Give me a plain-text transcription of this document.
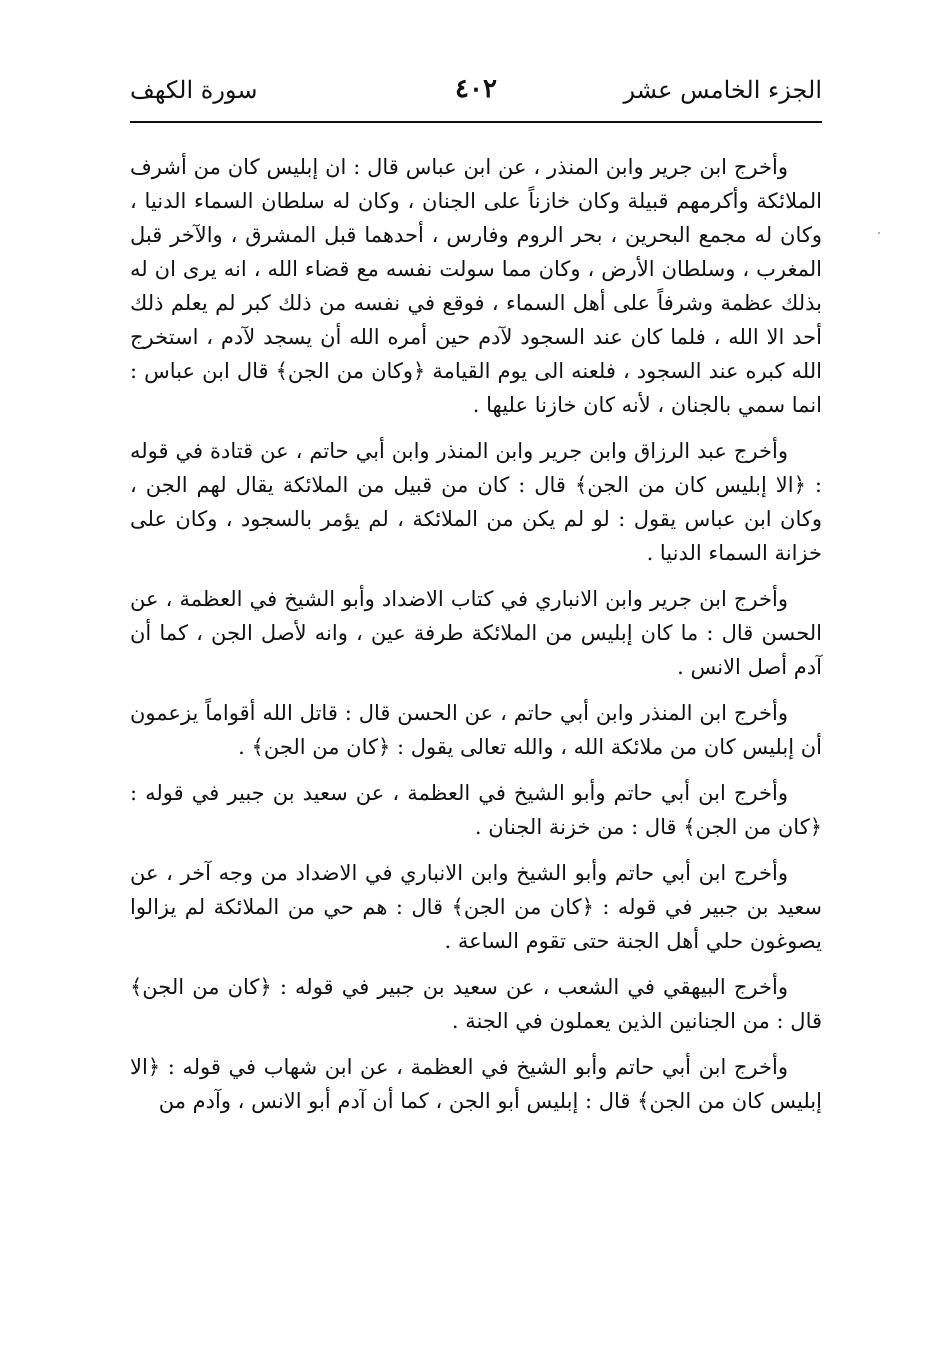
الجزء الخامس عشر
٤٠٢
سورة الكهف

وأخرج ابن جرير وابن المنذر ، عن ابن عباس قال : ان إبليس كان من أشرف الملائكة وأكرمهم قبيلة وكان خازناً على الجنان ، وكان له سلطان السماء الدنيا ، وكان له مجمع البحرين ، بحر الروم وفارس ، أحدهما قبل المشرق ، والآخر قبل المغرب ، وسلطان الأرض ، وكان مما سولت نفسه مع قضاء الله ، انه يرى ان له بذلك عظمة وشرفاً على أهل السماء ، فوقع في نفسه من ذلك كبر لم يعلم ذلك أحد الا الله ، فلما كان عند السجود لآدم حين أمره الله أن يسجد لآدم ، استخرج الله كبره عند السجود ، فلعنه الى يوم القيامة ﴿وكان من الجن﴾ قال ابن عباس : انما سمي بالجنان ، لأنه كان خازنا عليها .

وأخرج عبد الرزاق وابن جرير وابن المنذر وابن أبي حاتم ، عن قتادة في قوله : ﴿الا إبليس كان من الجن﴾ قال : كان من قبيل من الملائكة يقال لهم الجن ، وكان ابن عباس يقول : لو لم يكن من الملائكة ، لم يؤمر بالسجود ، وكان على خزانة السماء الدنيا .

وأخرج ابن جرير وابن الانباري في كتاب الاضداد وأبو الشيخ في العظمة ، عن الحسن قال : ما كان إبليس من الملائكة طرفة عين ، وانه لأصل الجن ، كما أن آدم أصل الانس .

وأخرج ابن المنذر وابن أبي حاتم ، عن الحسن قال : قاتل الله أقواماً يزعمون أن إبليس كان من ملائكة الله ، والله تعالى يقول : ﴿كان من الجن﴾ .

وأخرج ابن أبي حاتم وأبو الشيخ في العظمة ، عن سعيد بن جبير في قوله : ﴿كان من الجن﴾ قال : من خزنة الجنان .

وأخرج ابن أبي حاتم وأبو الشيخ وابن الانباري في الاضداد من وجه آخر ، عن سعيد بن جبير في قوله : ﴿كان من الجن﴾ قال : هم حي من الملائكة لم يزالوا يصوغون حلي أهل الجنة حتى تقوم الساعة .

وأخرج البيهقي في الشعب ، عن سعيد بن جبير في قوله : ﴿كان من الجن﴾ قال : من الجنانين الذين يعملون في الجنة .

وأخرج ابن أبي حاتم وأبو الشيخ في العظمة ، عن ابن شهاب في قوله : ﴿الا إبليس كان من الجن﴾ قال : إبليس أبو الجن ، كما أن آدم أبو الانس ، وآدم من
